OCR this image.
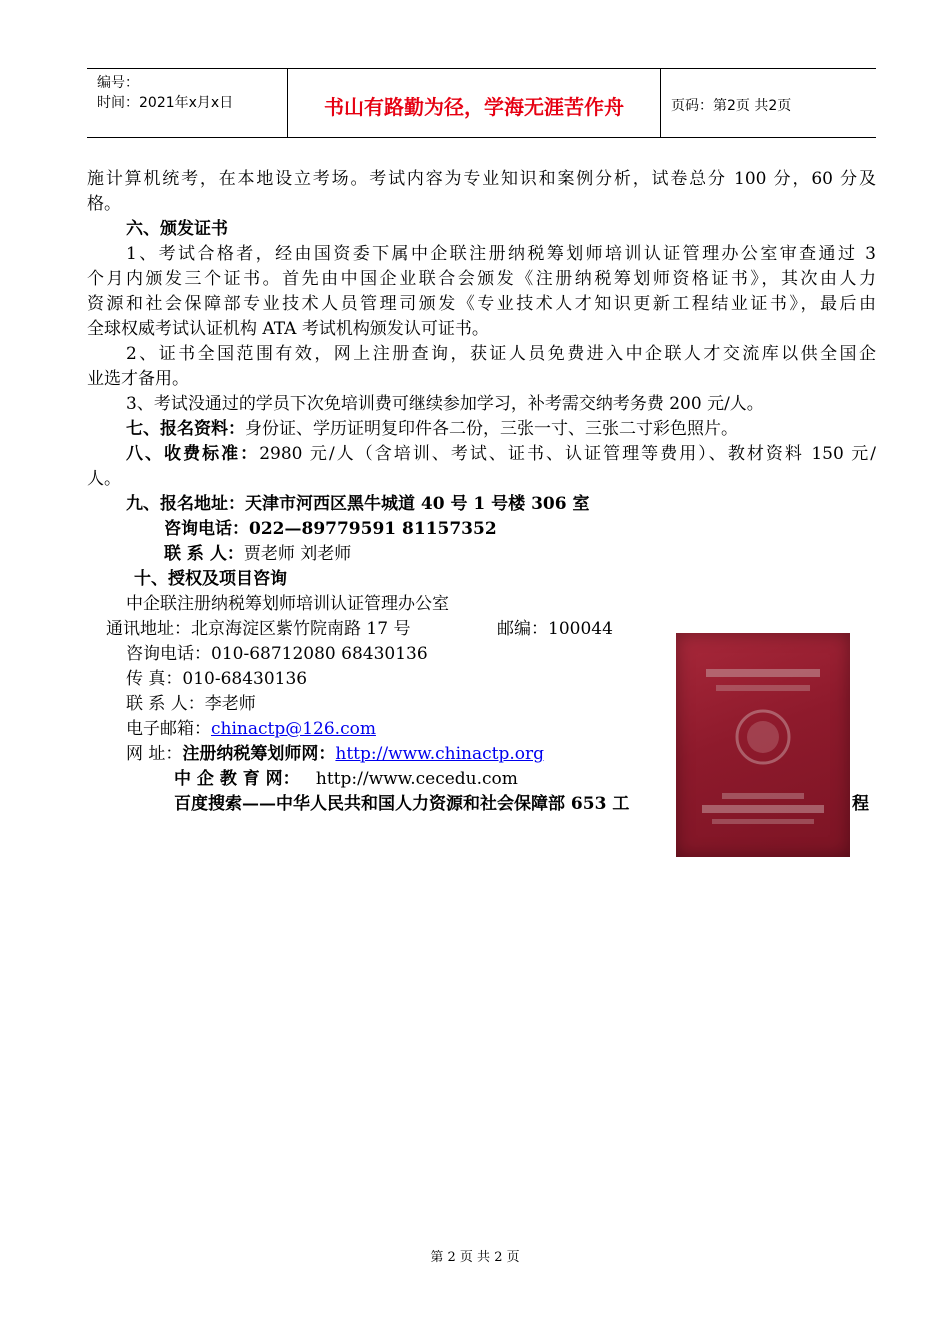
编号：
时间：2021年x月x日	书山有路勤为径，学海无涯苦作舟	页码：第2页 共2页
施计算机统考，在本地设立考场。考试内容为专业知识和案例分析，试卷总分 100 分，60 分及
格。
六、颁发证书
1、考试合格者，经由国资委下属中企联注册纳税筹划师培训认证管理办公室审查通过 3
个月内颁发三个证书。首先由中国企业联合会颁发《注册纳税筹划师资格证书》，其次由人力
资源和社会保障部专业技术人员管理司颁发《专业技术人才知识更新工程结业证书》，最后由
全球权威考试认证机构 ATA 考试机构颁发认可证书。
2、证书全国范围有效，网上注册查询，获证人员免费进入中企联人才交流库以供全国企
业选才备用。
3、考试没通过的学员下次免培训费可继续参加学习，补考需交纳考务费 200 元/人。
七、报名资料：身份证、学历证明复印件各二份，三张一寸、三张二寸彩色照片。
八、收费标准：2980 元/人（含培训、考试、证书、认证管理等费用）、教材资料 150 元/
人。
九、报名地址：天津市河西区黑牛城道 40 号 1 号楼 306 室
咨询电话：022—89779591 81157352
联 系 人：贾老师 刘老师
十、授权及项目咨询
中企联注册纳税筹划师培训认证管理办公室
通讯地址：北京海淀区紫竹院南路 17 号	邮编：100044
咨询电话：010-68712080 68430136
传 真：010-68430136
联 系 人：李老师
电子邮箱：chinactp@126.com
网 址：注册纳税筹划师网：http://www.chinactp.org
中 企 教 育 网： http://www.cecedu.com
百度搜索——中华人民共和国人力资源和社会保障部 653 工	程
第 2 页 共 2 页
